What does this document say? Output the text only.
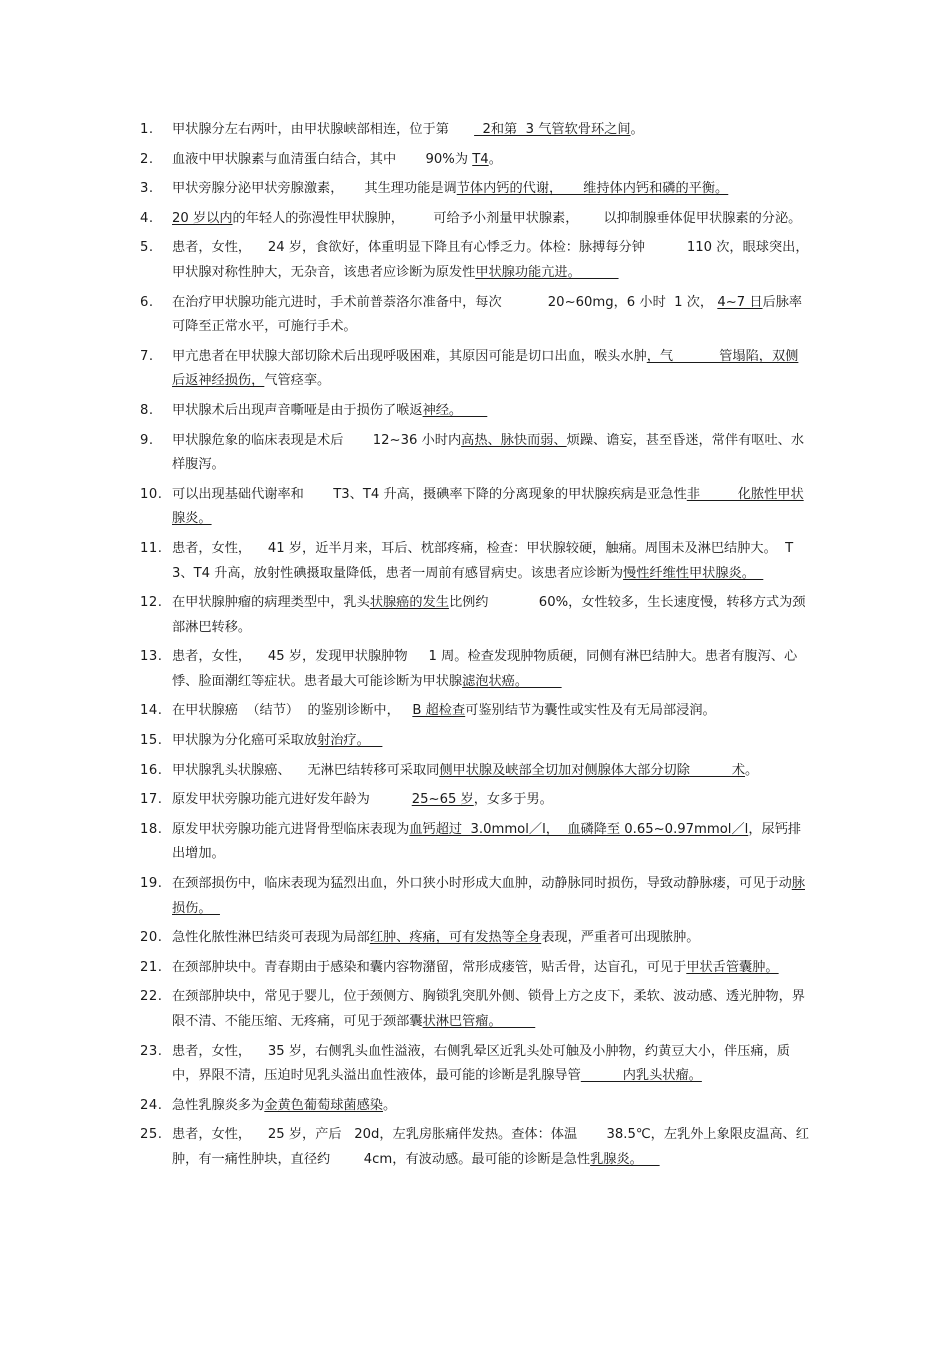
1.	甲状腺分左右两叶，由甲状腺峡部相连，位于第        2和第  3 气管软骨环之间。
2.	血液中甲状腺素与血清蛋白结合，其中       90%为 T4。
3.	甲状旁腺分泌甲状旁腺激素，     其生理功能是调节体内钙的代谢，     维持体内钙和磷的平衡。
4.	20 岁以内的年轻人的弥漫性甲状腺肿，       可给予小剂量甲状腺素，      以抑制腺垂体促甲状腺素的分泌。
5.	患者，女性，    24 岁，食欲好，体重明显下降且有心悸乏力。体检：脉搏每分钟          110 次，眼球突出，甲状腺对称性肿大，无杂音，该患者应诊断为原发性甲状腺功能亢进。
6.	在治疗甲状腺功能亢进时，手术前普萘洛尔准备中，每次           20~60mg，6 小时  1 次， 4~7 日后脉率可降至正常水平，可施行手术。
7.	甲亢患者在甲状腺大部切除术后出现呼吸困难，其原因可能是切口出血，喉头水肿，气           管塌陷，双侧后返神经损伤，气管痉挛。
8.	甲状腺术后出现声音嘶哑是由于损伤了喉返神经。
9.	甲状腺危象的临床表现是术后       12~36 小时内高热、脉快而弱、烦躁、谵妄，甚至昏迷，常伴有呕吐、水样腹泻。
10. 可以出现基础代谢率和       T3、T4 升高，摄碘率下降的分离现象的甲状腺疾病是亚急性非         化脓性甲状腺炎。
11. 患者，女性，    41 岁，近半月来，耳后、枕部疼痛，检查：甲状腺较硬，触痛。周围未及淋巴结肿大。  T3、T4 升高，放射性碘摄取量降低，患者一周前有感冒病史。该患者应诊断为慢性纤维性甲状腺炎。
12. 在甲状腺肿瘤的病理类型中，乳头状腺癌的发生比例约            60%，女性较多，生长速度慢，转移方式为颈部淋巴转移。
13. 患者，女性，    45 岁，发现甲状腺肿物     1 周。检查发现肿物质硬，同侧有淋巴结肿大。患者有腹泻、心悸、脸面潮红等症状。患者最大可能诊断为甲状腺滤泡状癌。
14. 在甲状腺癌  （结节）  的鉴别诊断中，   B 超检查可鉴别结节为囊性或实性及有无局部浸润。
15. 甲状腺为分化癌可采取放射治疗。
16. 甲状腺乳头状腺癌、    无淋巴结转移可采取同侧甲状腺及峡部全切加对侧腺体大部分切除          术。
17. 原发甲状旁腺功能亢进好发年龄为          25~65 岁，女多于男。
18. 原发甲状旁腺功能亢进肾骨型临床表现为血钙超过  3.0mmol／l，  血磷降至 0.65~0.97mmol／l，尿钙排出增加。
19. 在颈部损伤中，临床表现为猛烈出血，外口狭小时形成大血肿，动静脉同时损伤，导致动静脉瘘，可见于动脉损伤。
20. 急性化脓性淋巴结炎可表现为局部红肿、疼痛，可有发热等全身表现，严重者可出现脓肿。
21. 在颈部肿块中。青春期由于感染和囊内容物潴留，常形成瘘管，贴舌骨，达盲孔，可见于甲状舌管囊肿。
22. 在颈部肿块中，常见于婴儿，位于颈侧方、胸锁乳突肌外侧、锁骨上方之皮下，柔软、波动感、透光肿物，界限不清、不能压缩、无疼痛，可见于颈部囊状淋巴管瘤。
23. 患者，女性，    35 岁，右侧乳头血性溢液，右侧乳晕区近乳头处可触及小肿物，约黄豆大小，伴压痛，质中，界限不清，压迫时见乳头溢出血性液体，最可能的诊断是乳腺导管          内乳头状瘤。
24. 急性乳腺炎多为金黄色葡萄球菌感染。
25. 患者，女性，    25 岁，产后   20d，左乳房胀痛伴发热。查体：体温       38.5℃，左乳外上象限皮温高、红肿，有一痛性肿块，直径约        4cm，有波动感。最可能的诊断是急性乳腺炎。
